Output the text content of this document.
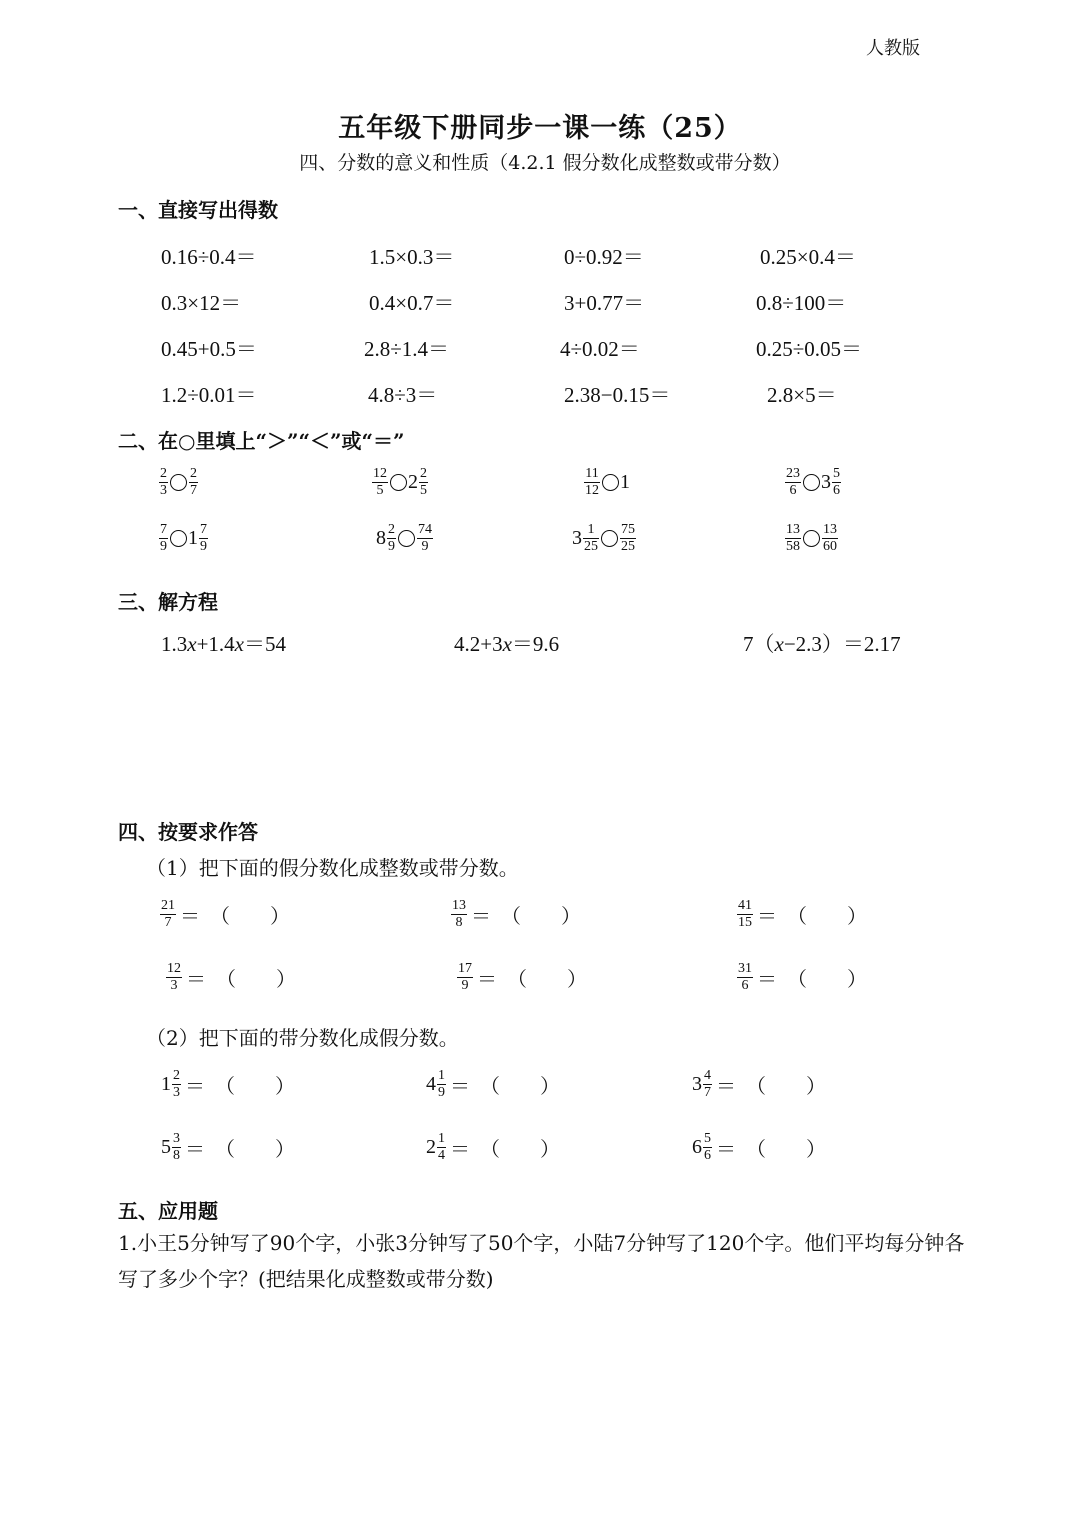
人教版
五年级下册同步一课一练（25）
四、分数的意义和性质（4.2.1 假分数化成整数或带分数）
一、直接写出得数
0.16÷0.4＝	1.5×0.3＝	0÷0.92＝	0.25×0.4＝
0.3×12＝	0.4×0.7＝	3+0.77＝	0.8÷100＝
0.45+0.5＝	2.8÷1.4＝	4÷0.02＝	0.25÷0.05＝
1.2÷0.01＝	4.8÷3＝	2.38−0.15＝	2.8×5＝
二、在○里填上“＞”“＜”或“＝”
$\frac{2}{3} \frac{2}{7}$	$\frac{12}{5} 2 \frac{2}{5}$	$\frac{11}{12} 1$	$\frac{23}{6} 3 \frac{5}{6}$
$\frac{7}{9} 1 \frac{7}{9}$	$8 \frac{2}{9} \frac{74}{9}$	$3 \frac{1}{25} \frac{75}{25}$	$\frac{13}{58} \frac{13}{60}$
三、解方程
1.3x+1.4x＝54	4.2+3x＝9.6	7（x−2.3）＝2.17
四、按要求作答
（1）把下面的假分数化成整数或带分数。
$\frac{21}{7}$ ＝ （　　）	$\frac{13}{8}$ ＝ （　　）	$\frac{41}{15}$ ＝ （　　）
$\frac{12}{3}$ ＝ （　　）	$\frac{17}{9}$ ＝ （　　）	$\frac{31}{6}$ ＝ （　　）
（2）把下面的带分数化成假分数。
$1 \frac{2}{3}$ ＝ （　　）	$4 \frac{1}{9}$ ＝ （　　）	$3 \frac{4}{7}$ ＝ （　　）
$5 \frac{3}{8}$ ＝ （　　）	$2 \frac{1}{4}$ ＝ （　　）	$6 \frac{5}{6}$ ＝ （　　）
五、应用题
1.小王5分钟写了90个字，小张3分钟写了50个字，小陆7分钟写了120个字。他们平均每分钟各写了多少个字？(把结果化成整数或带分数)
